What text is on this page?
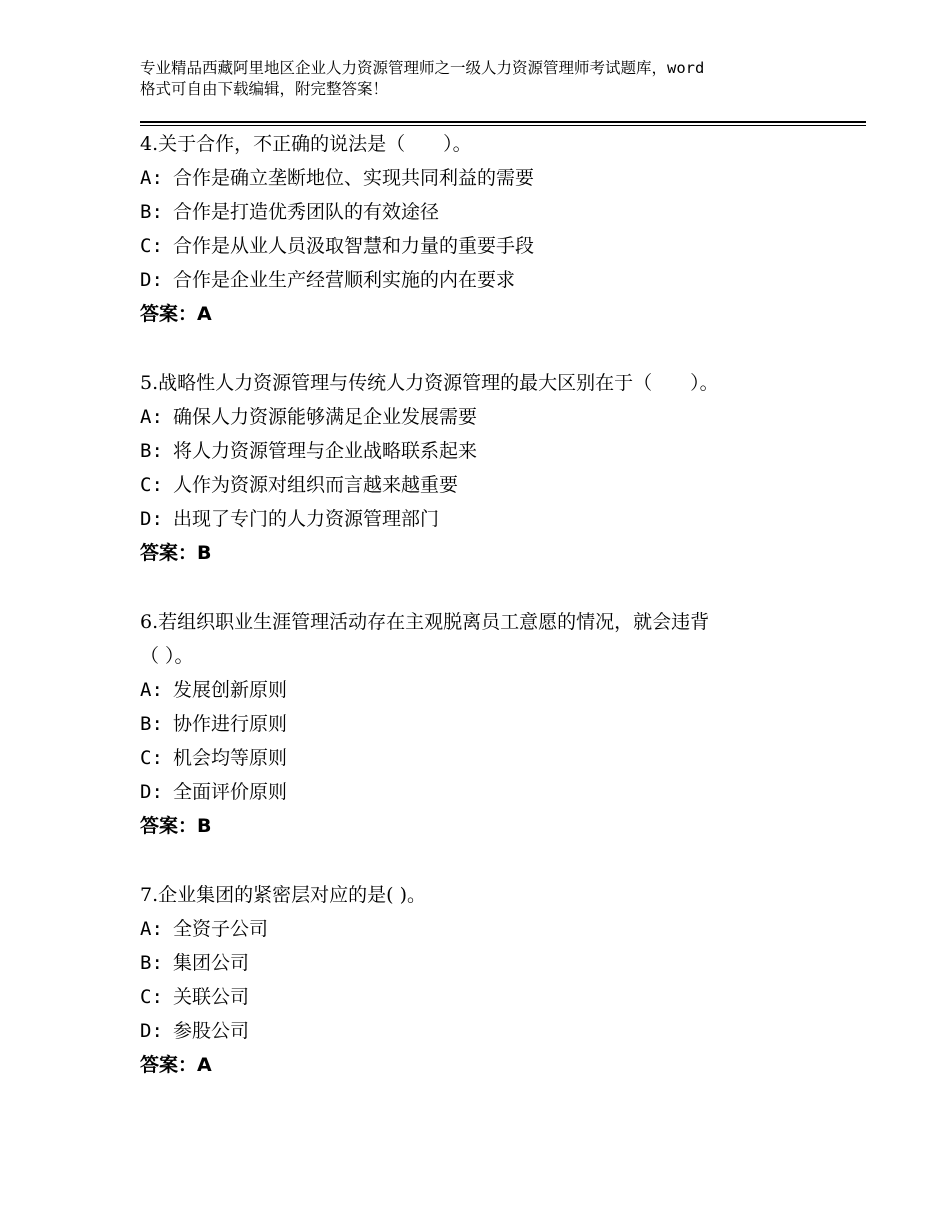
专业精品西藏阿里地区企业人力资源管理师之一级人力资源管理师考试题库，word
格式可自由下载编辑，附完整答案！
4.关于合作，不正确的说法是（　　）。
A: 合作是确立垄断地位、实现共同利益的需要
B: 合作是打造优秀团队的有效途径
C: 合作是从业人员汲取智慧和力量的重要手段
D: 合作是企业生产经营顺利实施的内在要求
答案：A
5.战略性人力资源管理与传统人力资源管理的最大区别在于（　　）。
A: 确保人力资源能够满足企业发展需要
B: 将人力资源管理与企业战略联系起来
C: 人作为资源对组织而言越来越重要
D: 出现了专门的人力资源管理部门
答案：B
6.若组织职业生涯管理活动存在主观脱离员工意愿的情况，就会违背
（ ）。
A: 发展创新原则
B: 协作进行原则
C: 机会均等原则
D: 全面评价原则
答案：B
7.企业集团的紧密层对应的是( )。
A: 全资子公司
B: 集团公司
C: 关联公司
D: 参股公司
答案：A
